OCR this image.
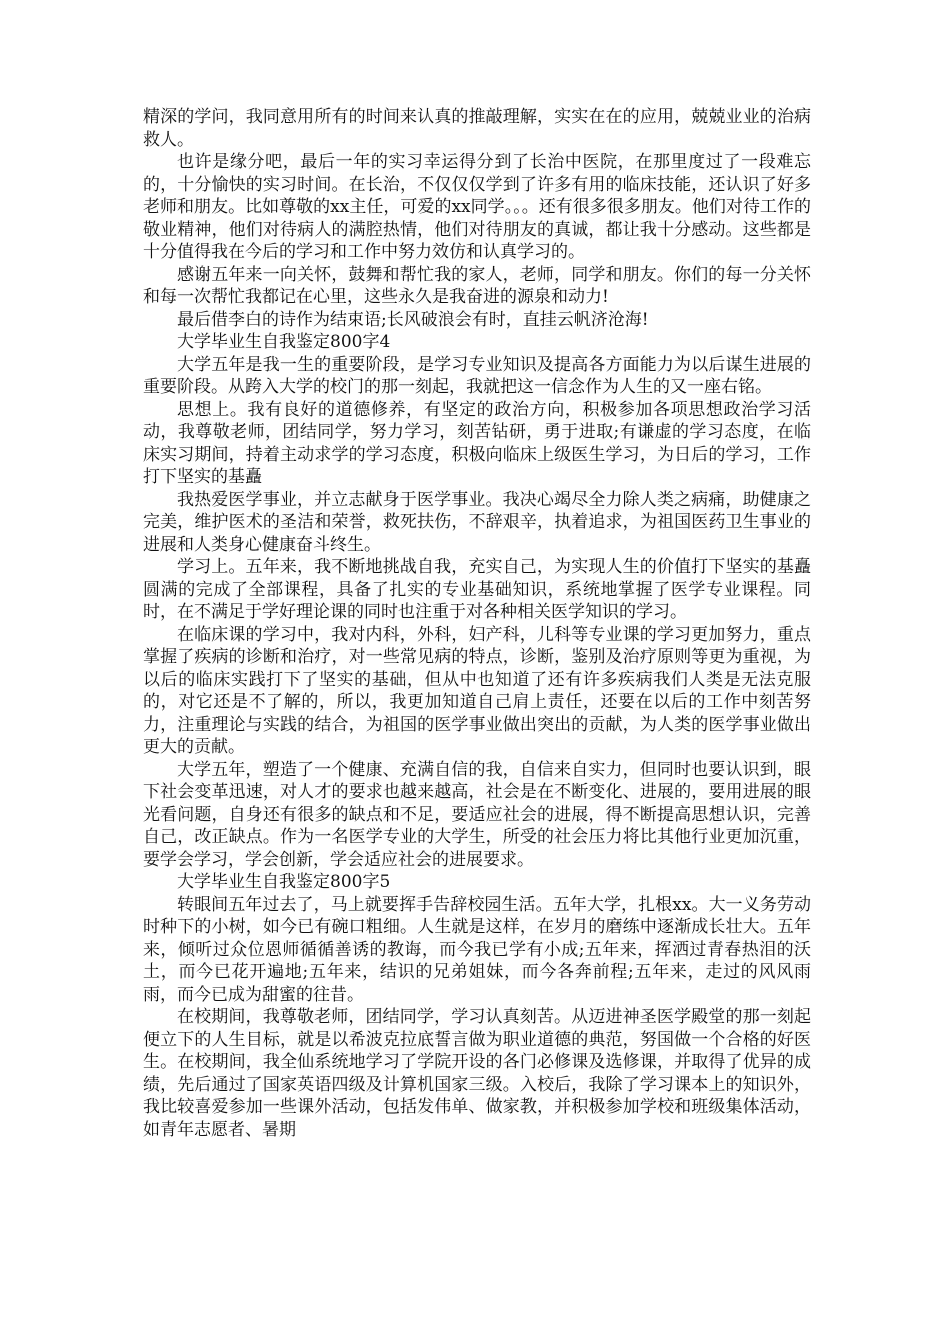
精深的学问，我同意用所有的时间来认真的推敲理解，实实在在的应用，兢兢业业的治病救人。

也许是缘分吧，最后一年的实习幸运得分到了长治中医院，在那里度过了一段难忘的，十分愉快的实习时间。在长治，不仅仅仅学到了许多有用的临床技能，还认识了好多老师和朋友。比如尊敬的xx主任，可爱的xx同学。。。还有很多很多朋友。他们对待工作的敬业精神，他们对待病人的满腔热情，他们对待朋友的真诚，都让我十分感动。这些都是十分值得我在今后的学习和工作中努力效仿和认真学习的。

感谢五年来一向关怀，鼓舞和帮忙我的家人，老师，同学和朋友。你们的每一分关怀和每一次帮忙我都记在心里，这些永久是我奋进的源泉和动力!

最后借李白的诗作为结束语;长风破浪会有时，直挂云帆济沧海!

大学毕业生自我鉴定800字4

大学五年是我一生的重要阶段，是学习专业知识及提高各方面能力为以后谋生进展的重要阶段。从跨入大学的校门的那一刻起，我就把这一信念作为人生的又一座右铭。

思想上。我有良好的道德修养，有坚定的政治方向，积极参加各项思想政治学习活动，我尊敬老师，团结同学，努力学习，刻苦钻研，勇于进取;有谦虚的学习态度，在临床实习期间，持着主动求学的学习态度，积极向临床上级医生学习，为日后的学习，工作打下坚实的基矗

我热爱医学事业，并立志献身于医学事业。我决心竭尽全力除人类之病痛，助健康之完美，维护医术的圣洁和荣誉，救死扶伤，不辞艰辛，执着追求，为祖国医药卫生事业的进展和人类身心健康奋斗终生。

学习上。五年来，我不断地挑战自我，充实自己，为实现人生的价值打下坚实的基矗圆满的完成了全部课程，具备了扎实的专业基础知识，系统地掌握了医学专业课程。同时，在不满足于学好理论课的同时也注重于对各种相关医学知识的学习。

在临床课的学习中，我对内科，外科，妇产科，儿科等专业课的学习更加努力，重点掌握了疾病的诊断和治疗，对一些常见病的特点，诊断，鉴别及治疗原则等更为重视，为以后的临床实践打下了坚实的基础，但从中也知道了还有许多疾病我们人类是无法克服的，对它还是不了解的，所以，我更加知道自己肩上责任，还要在以后的工作中刻苦努力，注重理论与实践的结合，为祖国的医学事业做出突出的贡献，为人类的医学事业做出更大的贡献。

大学五年，塑造了一个健康、充满自信的我，自信来自实力，但同时也要认识到，眼下社会变革迅速，对人才的要求也越来越高，社会是在不断变化、进展的，要用进展的眼光看问题，自身还有很多的缺点和不足，要适应社会的进展，得不断提高思想认识，完善自己，改正缺点。作为一名医学专业的大学生，所受的社会压力将比其他行业更加沉重，要学会学习，学会创新，学会适应社会的进展要求。

大学毕业生自我鉴定800字5

转眼间五年过去了，马上就要挥手告辞校园生活。五年大学，扎根xx。大一义务劳动时种下的小树，如今已有碗口粗细。人生就是这样，在岁月的磨练中逐渐成长壮大。五年来，倾听过众位恩师循循善诱的教诲，而今我已学有小成;五年来，挥洒过青春热泪的沃土，而今已花开遍地;五年来，结识的兄弟姐妹，而今各奔前程;五年来，走过的风风雨雨，而今已成为甜蜜的往昔。

在校期间，我尊敬老师，团结同学，学习认真刻苦。从迈进神圣医学殿堂的那一刻起便立下的人生目标，就是以希波克拉底誓言做为职业道德的典范，努国做一个合格的好医生。在校期间，我全仙系统地学习了学院开设的各门必修课及选修课，并取得了优异的成绩，先后通过了国家英语四级及计算机国家三级。入校后，我除了学习课本上的知识外，我比较喜爱参加一些课外活动，包括发伟单、做家教，并积极参加学校和班级集体活动，如青年志愿者、暑期
